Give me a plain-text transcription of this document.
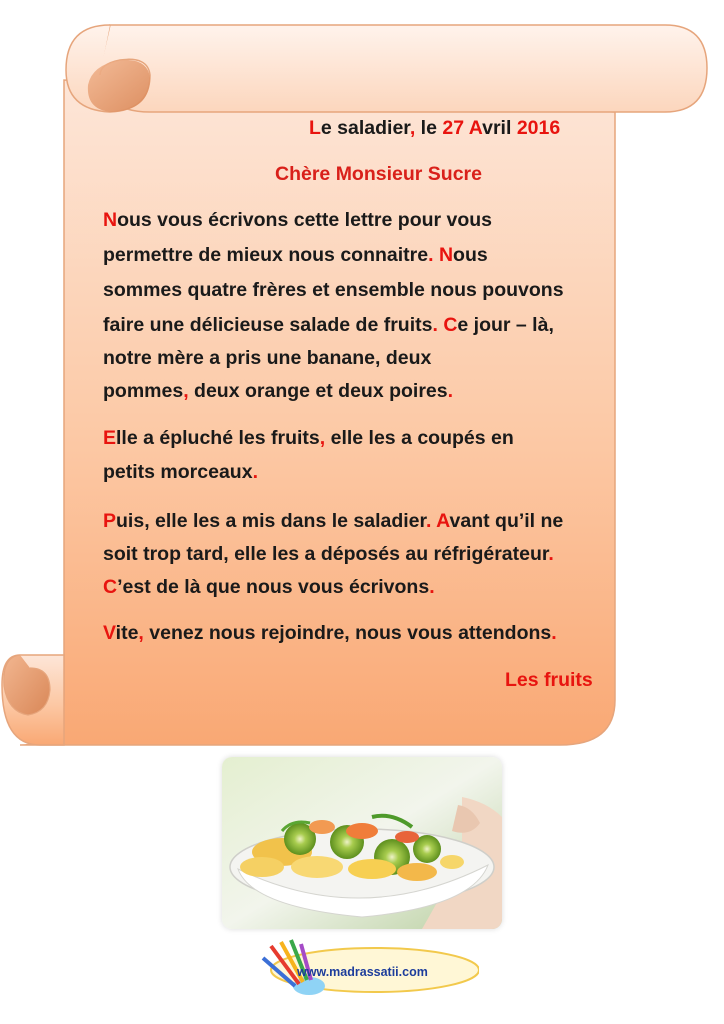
Le saladier, le 27 Avril 2016
Chère Monsieur Sucre
Nous vous écrivons cette lettre pour vous
permettre de mieux nous connaitre. Nous
sommes quatre frères et ensemble nous pouvons
faire une délicieuse salade de fruits. Ce jour – là,
notre mère a pris une banane, deux
pommes, deux orange et deux poires.
Elle a épluché les fruits, elle les a coupés en
petits morceaux.
Puis, elle les a mis dans le saladier. Avant qu’il ne
soit trop tard, elle les a déposés au réfrigérateur.
C’est de là que nous vous écrivons.
Vite, venez nous rejoindre, nous vous attendons.
Les fruits
www.madrassatii.com
